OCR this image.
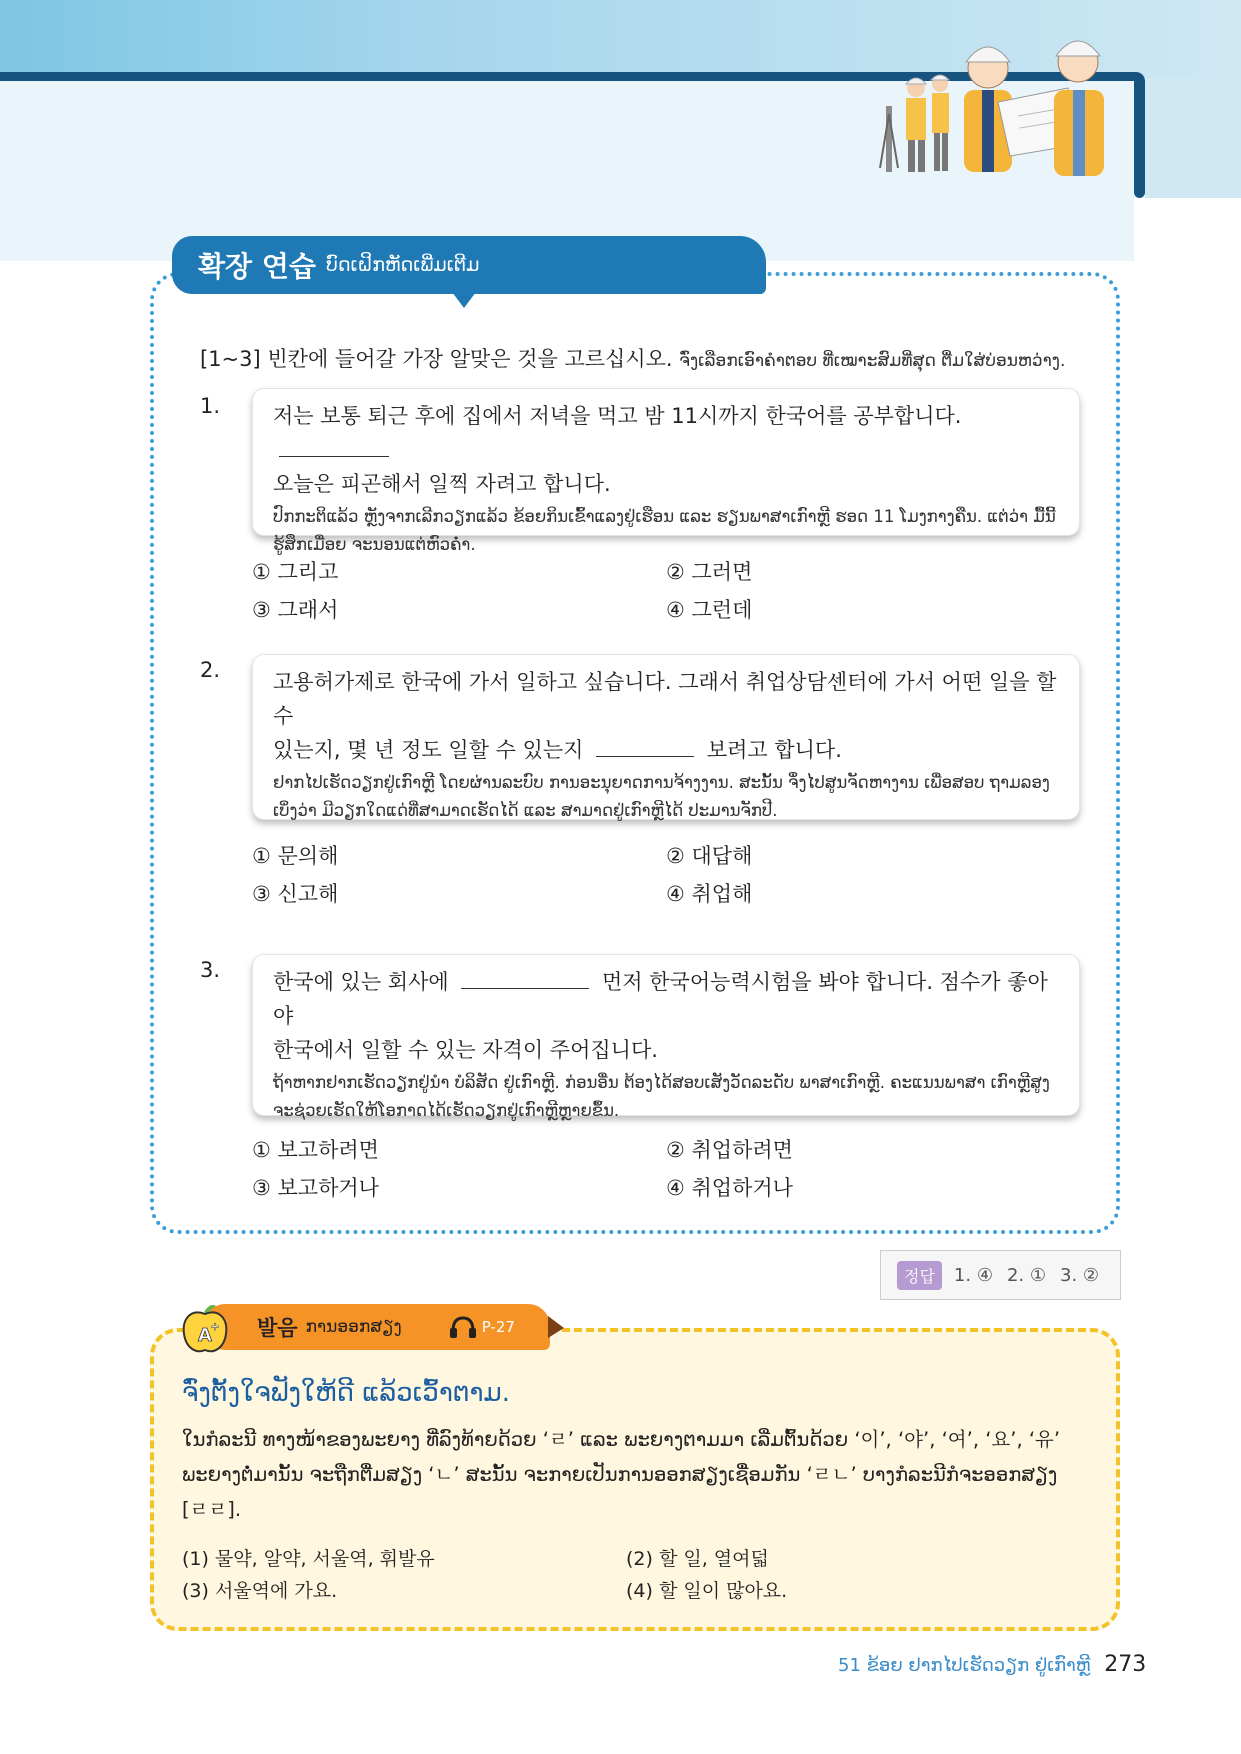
확장 연습 ບົດເຝິກຫັດເພີ່ມເຕີມ
[1~3] 빈칸에 들어갈 가장 알맞은 것을 고르십시오. ຈົ່ງເລືອກເອົາຄຳຕອບ ທີ່ເໝາະສົມທີ່ສຸດ ຕື່ມໃສ່ບ່ອນຫວ່າງ.
1.	저는 보통 퇴근 후에 집에서 저녁을 먹고 밤 11시까지 한국어를 공부합니다.
오늘은 피곤해서 일찍 자려고 합니다.
ປົກກະຕິແລ້ວ ຫຼັງຈາກເລີກວຽກແລ້ວ ຂ້ອຍກິນເຂົ້າແລງຢູ່ເຮືອນ ແລະ ຮຽນພາສາເກົາຫຼີ ຮອດ 11 ໂມງກາງຄືນ. ແຕ່ວ່າ ມື້ນີ້ ຮູ້ສຶກເມື່ອຍ ຈະນອນແຕ່ຫົວຄ່ຳ.
① 그리고	② 그러면
③ 그래서	④ 그런데
2.	고용허가제로 한국에 가서 일하고 싶습니다. 그래서 취업상담센터에 가서 어떤 일을 할 수
있는지, 몇 년 정도 일할 수 있는지	보려고 합니다.
ຢາກໄປເຮັດວຽກຢູ່ເກົາຫຼີ ໂດຍຜ່ານລະບົບ ການອະນຸຍາດການຈ້າງງານ. ສະນັ້ນ ຈຶ່ງໄປສູນຈັດຫາງານ ເພື່ອສອບ ຖາມລອງເບິ່ງວ່າ ມີວຽກໃດແດ່ທີ່ສາມາດເຮັດໄດ້ ແລະ ສາມາດຢູ່ເກົາຫຼີໄດ້ ປະມານຈັກປີ.
① 문의해	② 대답해
③ 신고해	④ 취업해
3.	한국에 있는 회사에	먼저 한국어능력시험을 봐야 합니다. 점수가 좋아야
한국에서 일할 수 있는 자격이 주어집니다.
ຖ້າຫາກຢາກເຮັດວຽກຢູ່ນຳ ບໍລິສັດ ຢູ່ເກົາຫຼີ. ກ່ອນອື່ນ ຕ້ອງໄດ້ສອບເສັງວັດລະດັບ ພາສາເກົາຫຼີ. ຄະແນນພາສາ ເກົາຫຼີສູງ ຈະຊ່ວຍເຮັດໃຫ້ໂອກາດໄດ້ເຮັດວຽກຢູ່ເກົາຫຼີຫຼາຍຂຶ້ນ.
① 보고하려면	② 취업하려면
③ 보고하거나	④ 취업하거나
정답	1. ④ 2. ① 3. ②
발음 ການອອກສຽງ	P-27
A
+
ຈົ່ງຕັ້ງໃຈຟັງໃຫ້ດີ ແລ້ວເວົ້າຕາມ.
ໃນກໍລະນີ ທາງໜ້າຂອງພະຍາງ ທີ່ລົງທ້າຍດ້ວຍ ‘ㄹ’ ແລະ ພະຍາງຕາມມາ ເລີ່ມຕົ້ນດ້ວຍ ‘이’, ‘야’, ‘여’, ‘요’, ‘유’
ພະຍາງຕໍ່ມານັ້ນ ຈະຖືກຕື່ມສຽງ ‘ㄴ’ ສະນັ້ນ ຈະກາຍເປັນການອອກສຽງເຊື່ອມກັນ ‘ㄹㄴ’ ບາງກໍລະນີກໍຈະອອກສຽງ
[ㄹㄹ].
(1) 물약, 알약, 서울역, 휘발유	(2) 할 일, 열여덟
(3) 서울역에 가요.	(4) 할 일이 많아요.
51 ຂ້ອຍ ຢາກໄປເຮັດວຽກ ຢູ່ເກົາຫຼີ 273
